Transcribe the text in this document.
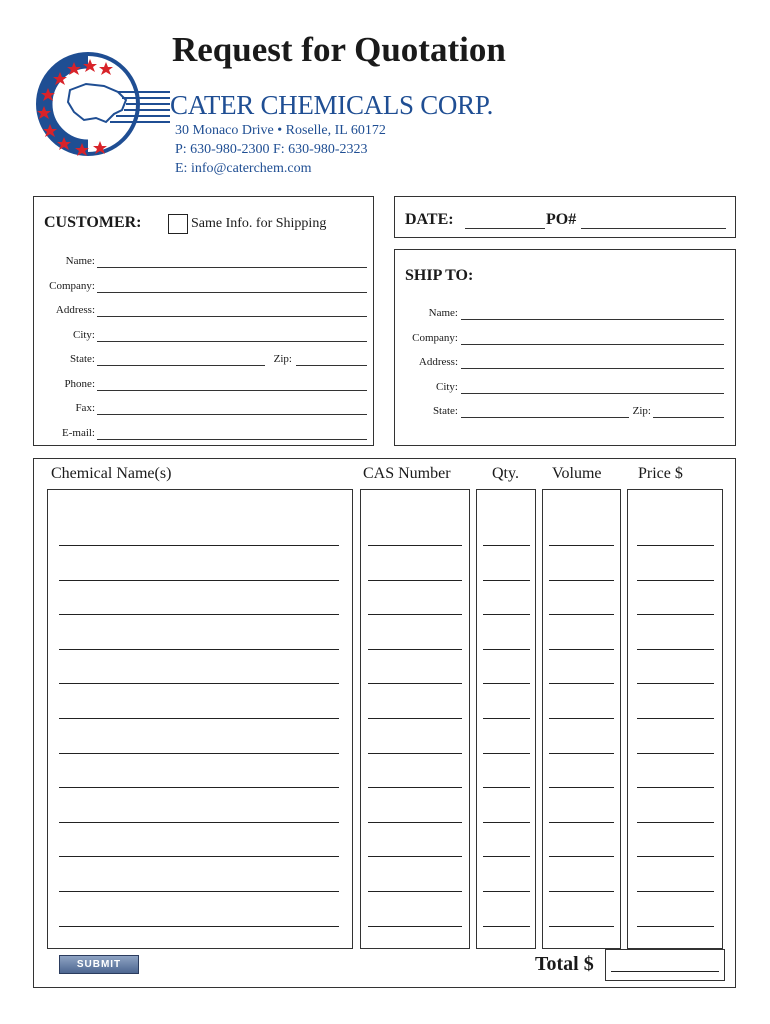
Request for Quotation
CATER CHEMICALS CORP.
30 Monaco Drive • Roselle, IL 60172
P: 630-980-2300 F: 630-980-2323
E: info@caterchem.com
CUSTOMER:	Same Info. for Shipping
Name:
Company:
Address:
City:
State:	Zip:
Phone:
Fax:
E-mail:
DATE:	PO#
SHIP TO:
Name:
Company:
Address:
City:
State:	Zip:
Chemical Name(s)	CAS Number	Qty. Volume Price $
SUBMIT	Total $
